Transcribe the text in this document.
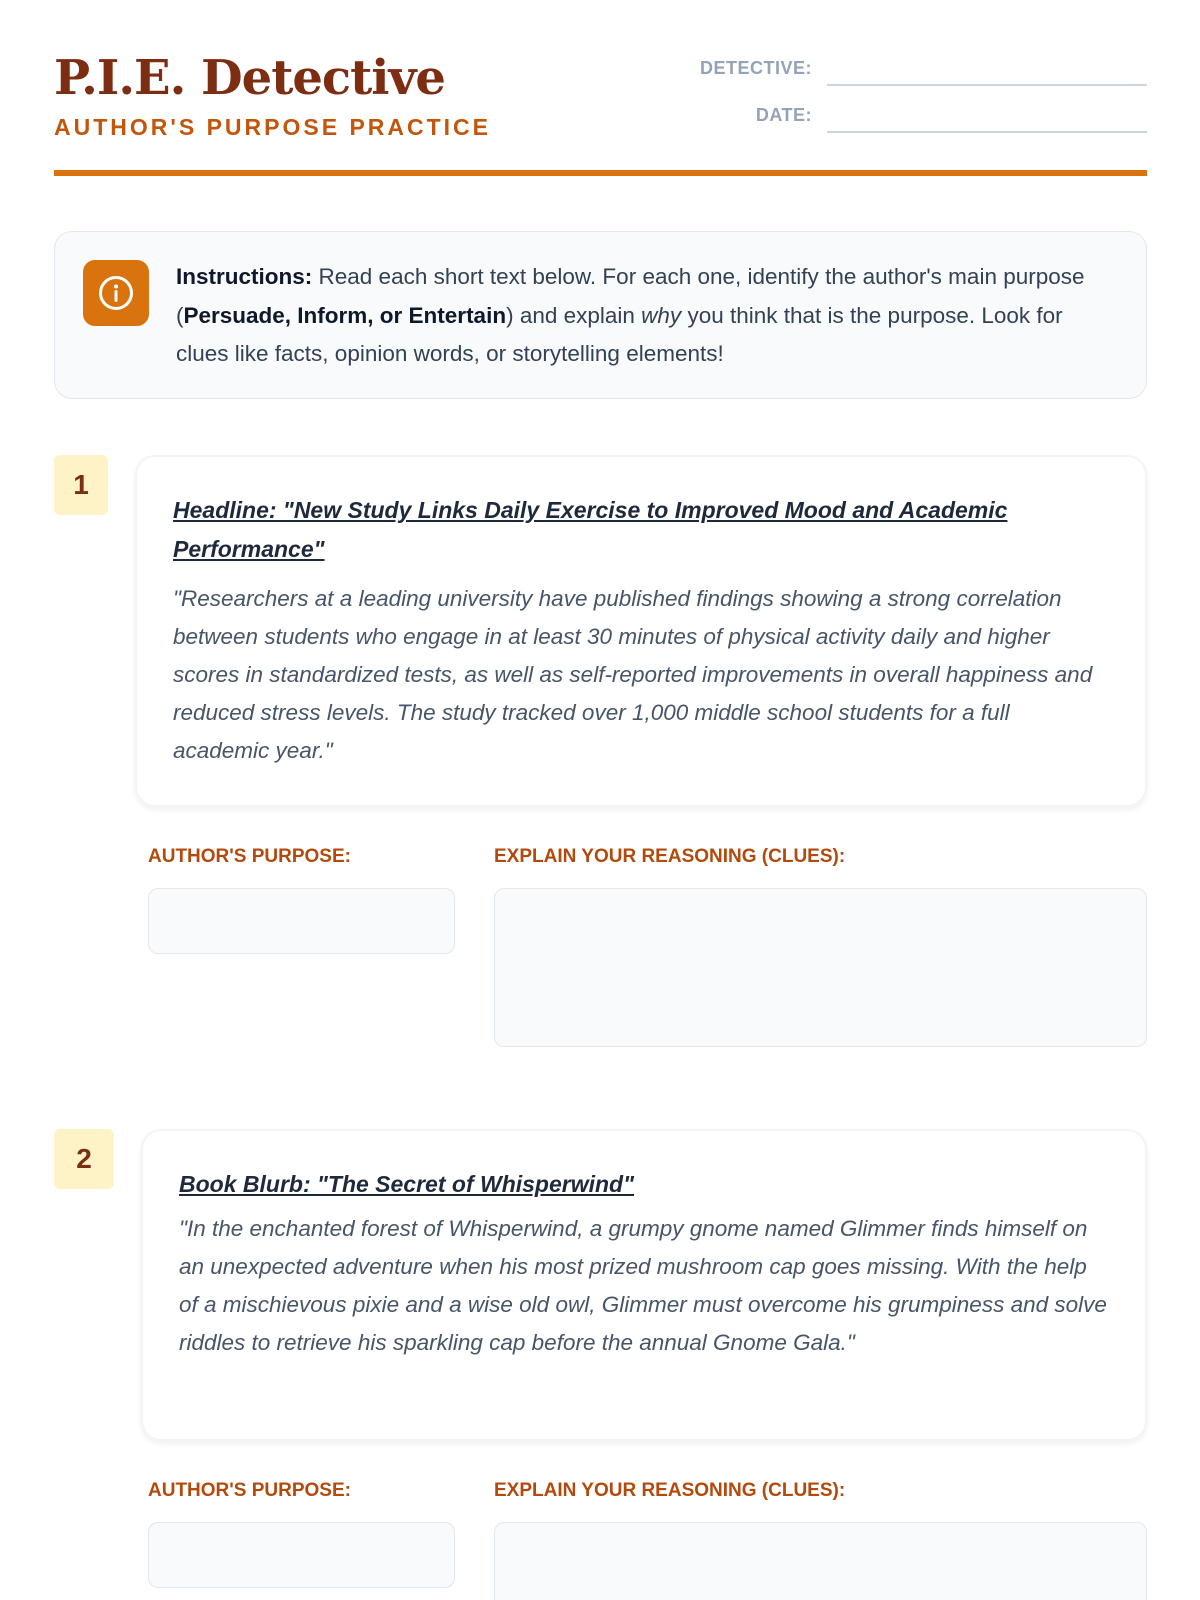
P.I.E. Detective
AUTHOR'S PURPOSE PRACTICE
DETECTIVE:
DATE:
Instructions: Read each short text below. For each one, identify the author's main purpose (Persuade, Inform, or Entertain) and explain why you think that is the purpose. Look for clues like facts, opinion words, or storytelling elements!
1
Headline: "New Study Links Daily Exercise to Improved Mood and Academic Performance"
"Researchers at a leading university have published findings showing a strong correlation between students who engage in at least 30 minutes of physical activity daily and higher scores in standardized tests, as well as self-reported improvements in overall happiness and reduced stress levels. The study tracked over 1,000 middle school students for a full academic year."
AUTHOR'S PURPOSE:	EXPLAIN YOUR REASONING (CLUES):
2
Book Blurb: "The Secret of Whisperwind"
"In the enchanted forest of Whisperwind, a grumpy gnome named Glimmer finds himself on an unexpected adventure when his most prized mushroom cap goes missing. With the help of a mischievous pixie and a wise old owl, Glimmer must overcome his grumpiness and solve riddles to retrieve his sparkling cap before the annual Gnome Gala."
AUTHOR'S PURPOSE:	EXPLAIN YOUR REASONING (CLUES):
